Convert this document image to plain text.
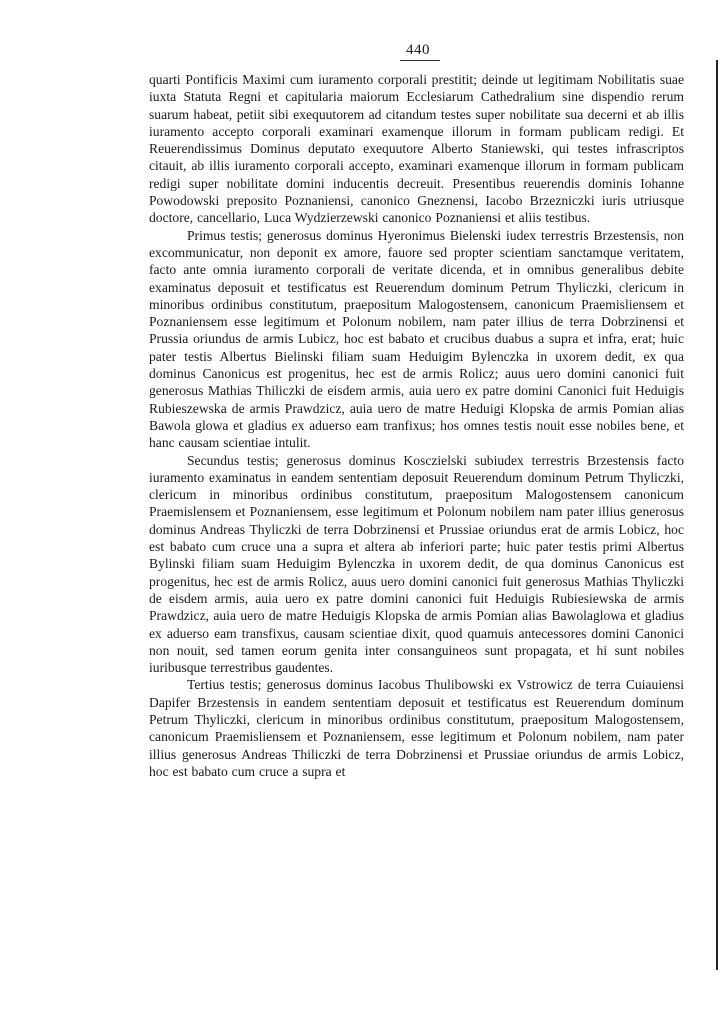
440

quarti Pontificis Maximi cum iuramento corporali prestitit; deinde ut legitimam Nobilitatis suae iuxta Statuta Regni et capitularia maiorum Ecclesiarum Cathedralium sine dispendio rerum suarum habeat, petiit sibi exequutorem ad citandum testes super nobilitate sua decerni et ab illis iuramento accepto corporali examinari examenque illorum in formam publicam redigi. Et Reuerendissimus Dominus deputato exequutore Alberto Staniewski, qui testes infrascriptos citauit, ab illis iuramento corporali accepto, examinari examenque illorum in formam publicam redigi super nobilitate domini inducentis decreuit. Presentibus reuerendis dominis Iohanne Powodowski preposito Poznaniensi, canonico Gneznensi, Iacobo Brzezniczki iuris utriusque doctore, cancellario, Luca Wydzierzewski canonico Poznaniensi et aliis testibus.

Primus testis; generosus dominus Hyeronimus Bielenski iudex terrestris Brzestensis, non excommunicatur, non deponit ex amore, fauore sed propter scientiam sanctamque veritatem, facto ante omnia iuramento corporali de veritate dicenda, et in omnibus generalibus debite examinatus deposuit et testificatus est Reuerendum dominum Petrum Thyliczki, clericum in minoribus ordinibus constitutum, praepositum Malogostensem, canonicum Praemisliensem et Poznaniensem esse legitimum et Polonum nobilem, nam pater illius de terra Dobrzinensi et Prussia oriundus de armis Lubicz, hoc est babato et crucibus duabus a supra et infra, erat; huic pater testis Albertus Bielinski filiam suam Heduigim Bylenczka in uxorem dedit, ex qua dominus Canonicus est progenitus, hec est de armis Rolicz; auus uero domini canonici fuit generosus Mathias Thiliczki de eisdem armis, auia uero ex patre domini Canonici fuit Heduigis Rubieszewska de armis Prawdzicz, auia uero de matre Heduigi Klopska de armis Pomian alias Bawola glowa et gladius ex aduerso eam tranfixus; hos omnes testis nouit esse nobiles bene, et hanc causam scientiae intulit.

Secundus testis; generosus dominus Kosczielski subiudex terrestris Brzestensis facto iuramento examinatus in eandem sententiam deposuit Reuerendum dominum Petrum Thyliczki, clericum in minoribus ordinibus constitutum, praepositum Malogostensem canonicum Praemislensem et Poznaniensem, esse legitimum et Polonum nobilem nam pater illius generosus dominus Andreas Thyliczki de terra Dobrzinensi et Prussiae oriundus erat de armis Lobicz, hoc est babato cum cruce una a supra et altera ab inferiori parte; huic pater testis primi Albertus Bylinski filiam suam Heduigim Bylenczka in uxorem dedit, de qua dominus Canonicus est progenitus, hec est de armis Rolicz, auus uero domini canonici fuit generosus Mathias Thyliczki de eisdem armis, auia uero ex patre domini canonici fuit Heduigis Rubiesiewska de armis Prawdzicz, auia uero de matre Heduigis Klopska de armis Pomian alias Bawolaglowa et gladius ex aduerso eam transfixus, causam scientiae dixit, quod quamuis antecessores domini Canonici non nouit, sed tamen eorum genita inter consanguineos sunt propagata, et hi sunt nobiles iuribusque terrestribus gaudentes.

Tertius testis; generosus dominus Iacobus Thulibowski ex Vstrowicz de terra Cuiauiensi Dapifer Brzestensis in eandem sententiam deposuit et testificatus est Reuerendum dominum Petrum Thyliczki, clericum in minoribus ordinibus constitutum, praepositum Malogostensem, canonicum Praemisliensem et Poznaniensem, esse legitimum et Polonum nobilem, nam pater illius generosus Andreas Thiliczki de terra Dobrzinensi et Prussiae oriundus de armis Lobicz, hoc est babato cum cruce a supra et
